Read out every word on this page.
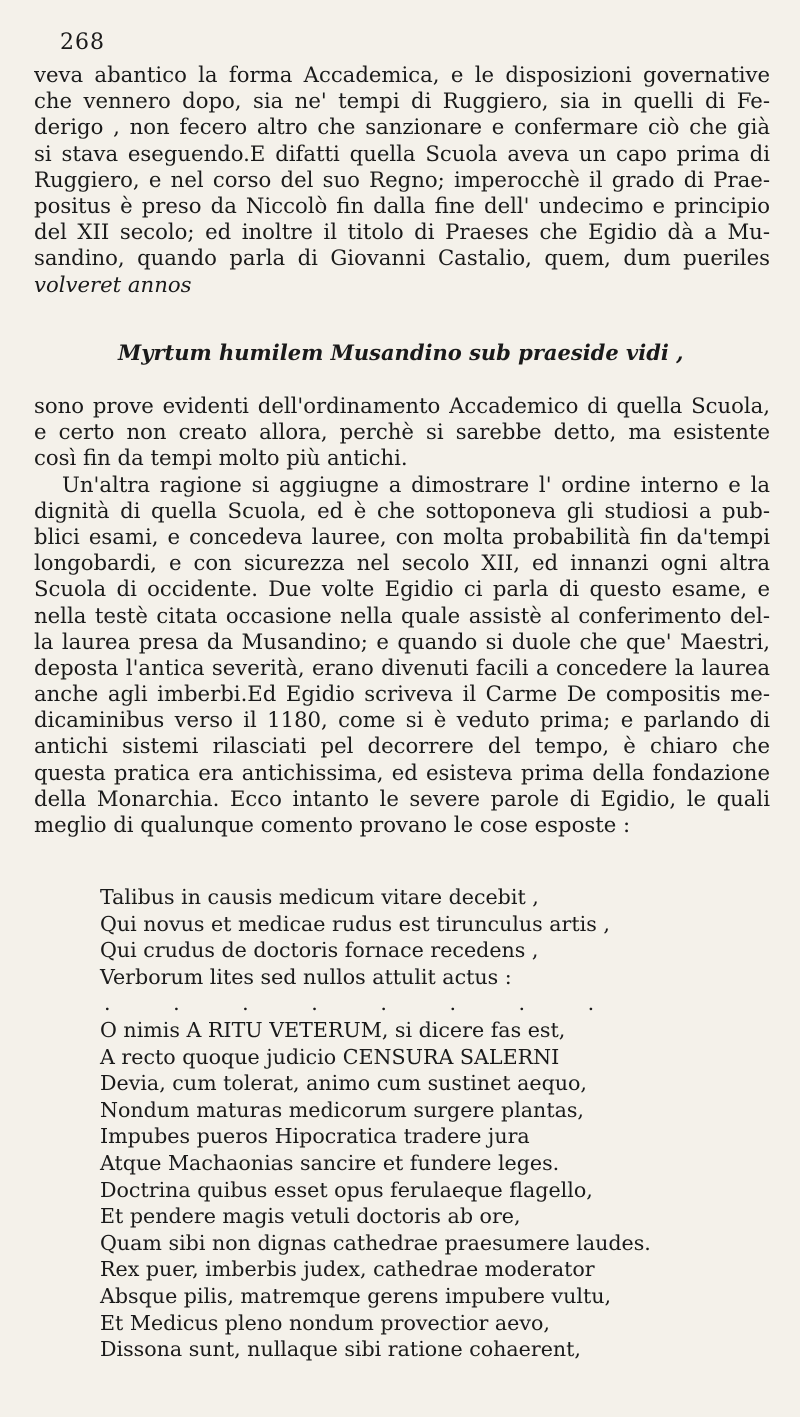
268
veva abantico la forma Accademica, e le disposizioni governative
che vennero dopo, sia ne' tempi di Ruggiero, sia in quelli di Fe-
derigo , non fecero altro che sanzionare e confermare ciò che già
si stava eseguendo.E difatti quella Scuola aveva un capo prima di
Ruggiero, e nel corso del suo Regno; imperocchè il grado di Prae-
positus è preso da Niccolò fin dalla fine dell' undecimo e principio
del XII secolo; ed inoltre il titolo di Praeses che Egidio dà a Mu-
sandino, quando parla di Giovanni Castalio, quem, dum pueriles
volveret annos
Myrtum humilem Musandino sub praeside vidi ,
sono prove evidenti dell'ordinamento Accademico di quella Scuola,
e certo non creato allora, perchè si sarebbe detto, ma esistente
così fin da tempi molto più antichi.
Un'altra ragione si aggiugne a dimostrare l' ordine interno e la
dignità di quella Scuola, ed è che sottoponeva gli studiosi a pub-
blici esami, e concedeva lauree, con molta probabilità fin da'tempi
longobardi, e con sicurezza nel secolo XII, ed innanzi ogni altra
Scuola di occidente. Due volte Egidio ci parla di questo esame, e
nella testè citata occasione nella quale assistè al conferimento del-
la laurea presa da Musandino; e quando si duole che que' Maestri,
deposta l'antica severità, erano divenuti facili a concedere la laurea
anche agli imberbi.Ed Egidio scriveva il Carme De compositis me-
dicaminibus verso il 1180, come si è veduto prima; e parlando di
antichi sistemi rilasciati pel decorrere del tempo, è chiaro che
questa pratica era antichissima, ed esisteva prima della fondazione
della Monarchia. Ecco intanto le severe parole di Egidio, le quali
meglio di qualunque comento provano le cose esposte :
Talibus in causis medicum vitare decebit ,
Qui novus et medicae rudus est tirunculus artis ,
Qui crudus de doctoris fornace recedens ,
Verborum lites sed nullos attulit actus :
. . . . . . . .
O nimis A RITU VETERUM, si dicere fas est,
A recto quoque judicio CENSURA SALERNI
Devia, cum tolerat, animo cum sustinet aequo,
Nondum maturas medicorum surgere plantas,
Impubes pueros Hipocratica tradere jura
Atque Machaonias sancire et fundere leges.
Doctrina quibus esset opus ferulaeque flagello,
Et pendere magis vetuli doctoris ab ore,
Quam sibi non dignas cathedrae praesumere laudes.
Rex puer, imberbis judex, cathedrae moderator
Absque pilis, matremque gerens impubere vultu,
Et Medicus pleno nondum provectior aevo,
Dissona sunt, nullaque sibi ratione cohaerent,
